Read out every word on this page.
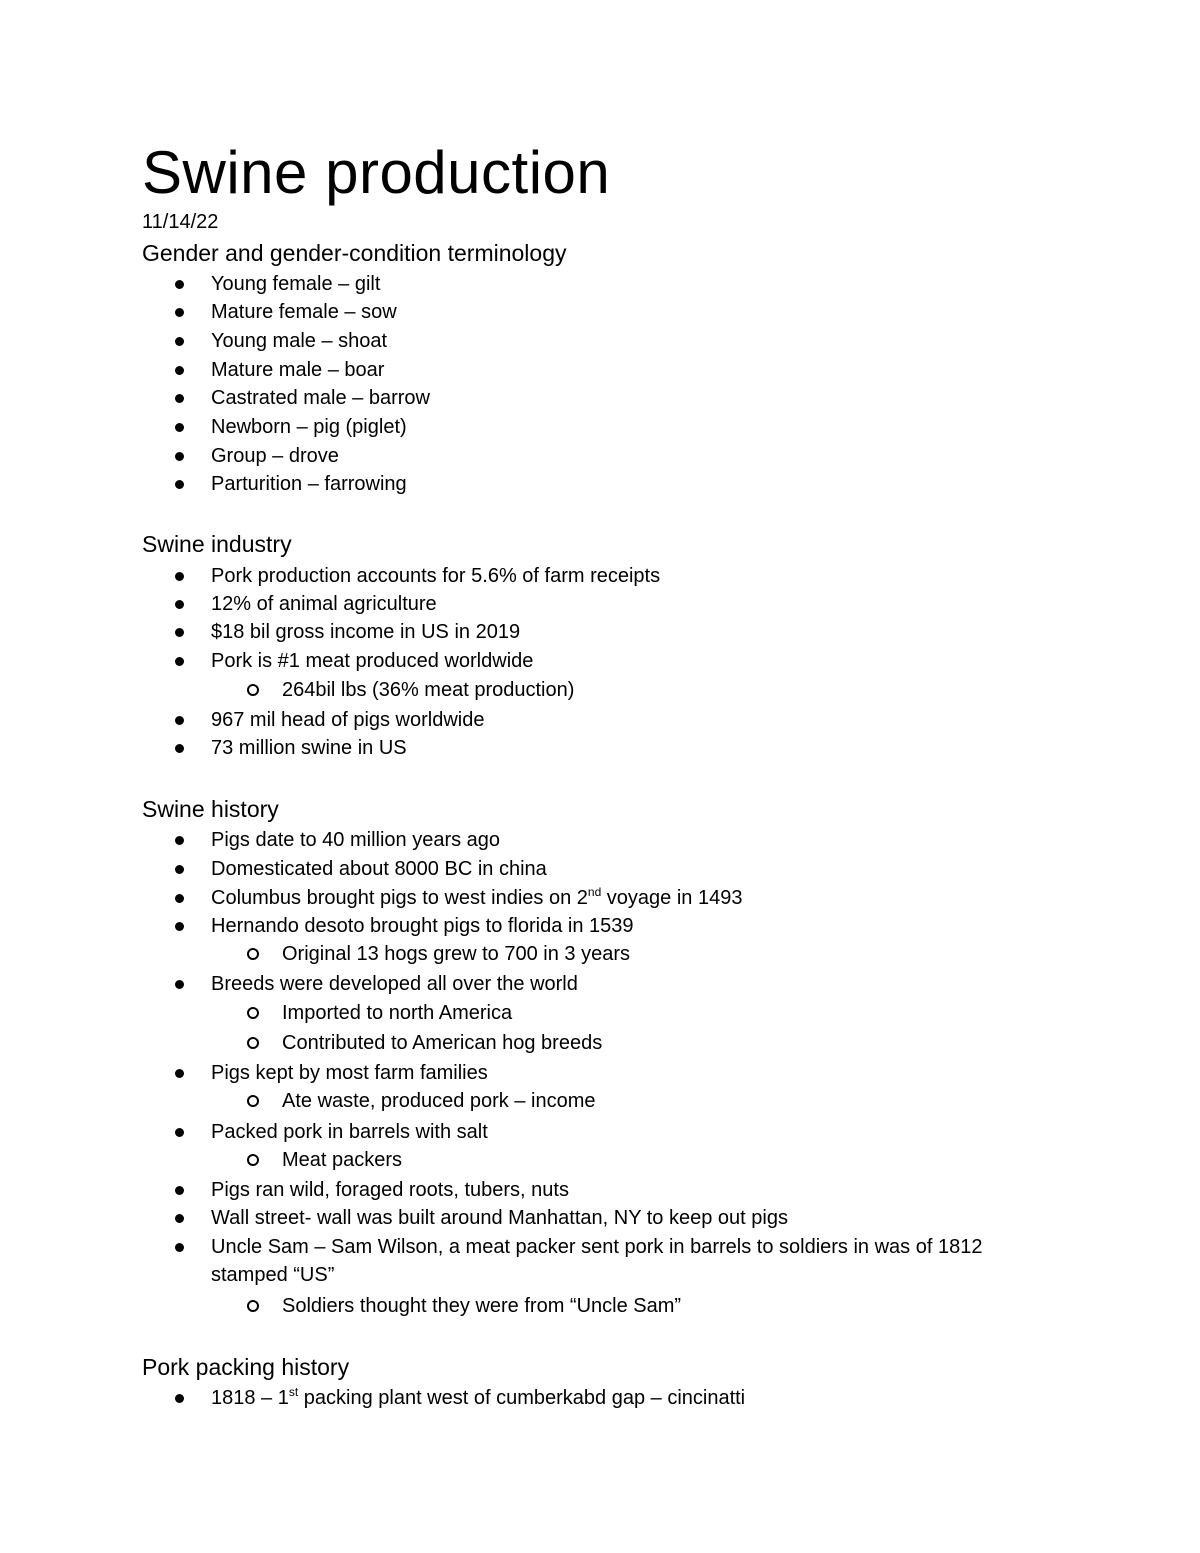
Swine production
11/14/22
Gender and gender-condition terminology
Young female – gilt
Mature female – sow
Young male – shoat
Mature male – boar
Castrated male – barrow
Newborn – pig (piglet)
Group – drove
Parturition – farrowing
Swine industry
Pork production accounts for 5.6% of farm receipts
12% of animal agriculture
$18 bil gross income in US in 2019
Pork is #1 meat produced worldwide
264bil lbs (36% meat production)
967 mil head of pigs worldwide
73 million swine in US
Swine history
Pigs date to 40 million years ago
Domesticated about 8000 BC in china
Columbus brought pigs to west indies on 2nd voyage in 1493
Hernando desoto brought pigs to florida in 1539
Original 13 hogs grew to 700 in 3 years
Breeds were developed all over the world
Imported to north America
Contributed to American hog breeds
Pigs kept by most farm families
Ate waste, produced pork – income
Packed pork in barrels with salt
Meat packers
Pigs ran wild, foraged roots, tubers, nuts
Wall street- wall was built around Manhattan, NY to keep out pigs
Uncle Sam – Sam Wilson, a meat packer sent pork in barrels to soldiers in was of 1812
stamped “US”
Soldiers thought they were from “Uncle Sam”
Pork packing history
1818 – 1st packing plant west of cumberkabd gap – cincinatti
